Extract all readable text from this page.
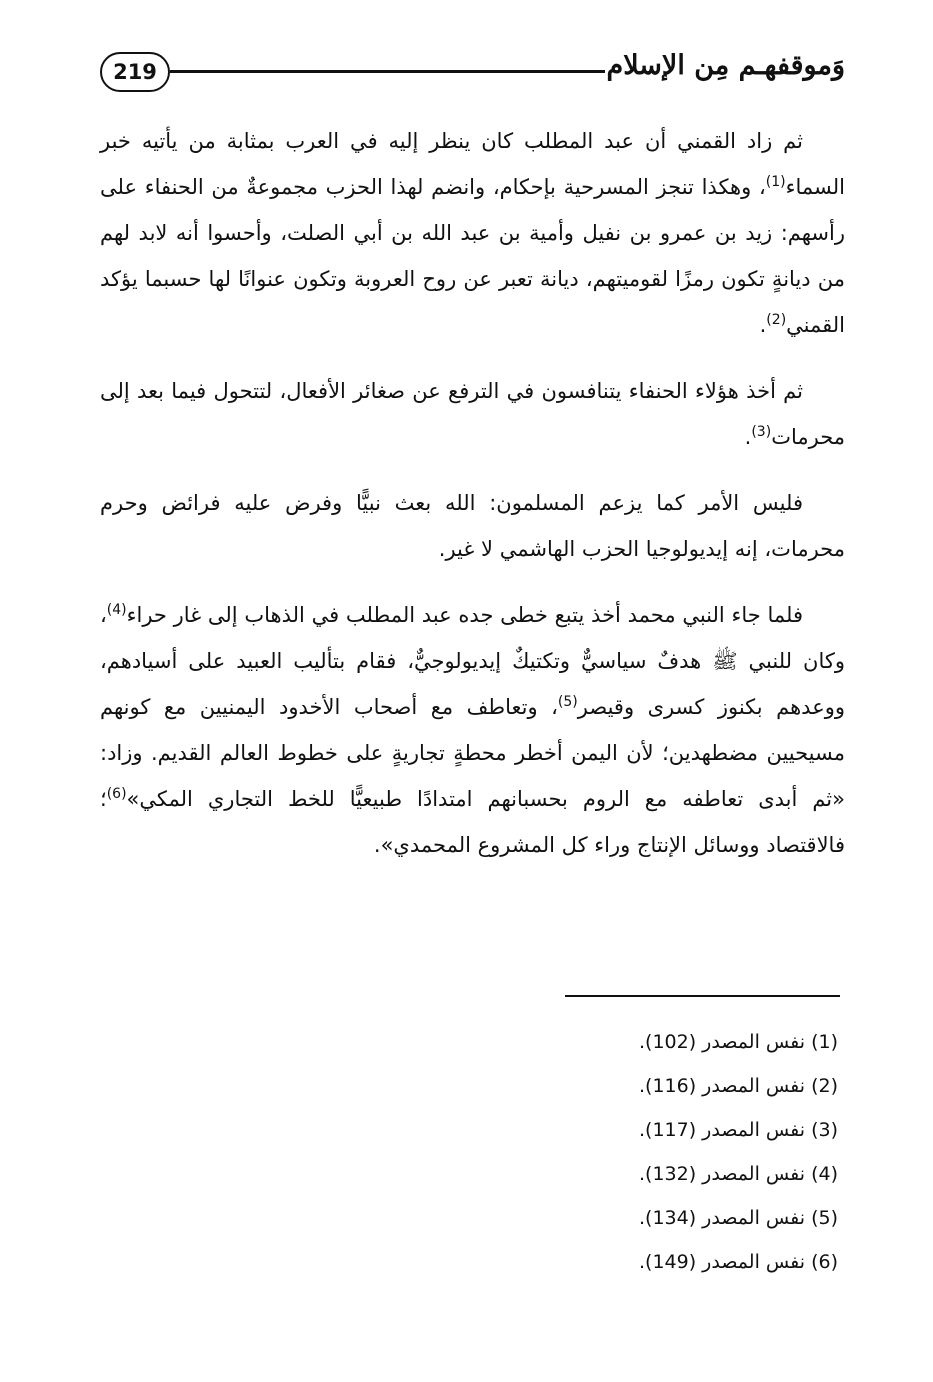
219	وَموقفهـم مِن الإسلام

ثم زاد القمني أن عبد المطلب كان ينظر إليه في العرب بمثابة من يأتيه خبر السماء$^{(1)}$، وهكذا تنجز المسرحية بإحكام، وانضم لهذا الحزب مجموعةٌ من الحنفاء على رأسهم: زيد بن عمرو بن نفيل وأمية بن عبد الله بن أبي الصلت، وأحسوا أنه لابد لهم من ديانةٍ تكون رمزًا لقوميتهم، ديانة تعبر عن روح العروبة وتكون عنوانًا لها حسبما يؤكد القمني$^{(2)}$.

ثم أخذ هؤلاء الحنفاء يتنافسون في الترفع عن صغائر الأفعال، لتتحول فيما بعد إلى محرمات$^{(3)}$.

فليس الأمر كما يزعم المسلمون: الله بعث نبيًّا وفرض عليه فرائض وحرم محرمات، إنه إيديولوجيا الحزب الهاشمي لا غير.

فلما جاء النبي محمد أخذ يتبع خطى جده عبد المطلب في الذهاب إلى غار حراء$^{(4)}$، وكان للنبي ﷺ هدفٌ سياسيٌّ وتكتيكٌ إيديولوجيٌّ، فقام بتأليب العبيد على أسيادهم، ووعدهم بكنوز كسرى وقيصر$^{(5)}$، وتعاطف مع أصحاب الأخدود اليمنيين مع كونهم مسيحيين مضطهدين؛ لأن اليمن أخطر محطةٍ تجاريةٍ على خطوط العالم القديم. وزاد: «ثم أبدى تعاطفه مع الروم بحسبانهم امتدادًا طبيعيًّا للخط التجاري المكي»$^{(6)}$؛ فالاقتصاد ووسائل الإنتاج وراء كل المشروع المحمدي».

(1) نفس المصدر (102).
(2) نفس المصدر (116).
(3) نفس المصدر (117).
(4) نفس المصدر (132).
(5) نفس المصدر (134).
(6) نفس المصدر (149).
